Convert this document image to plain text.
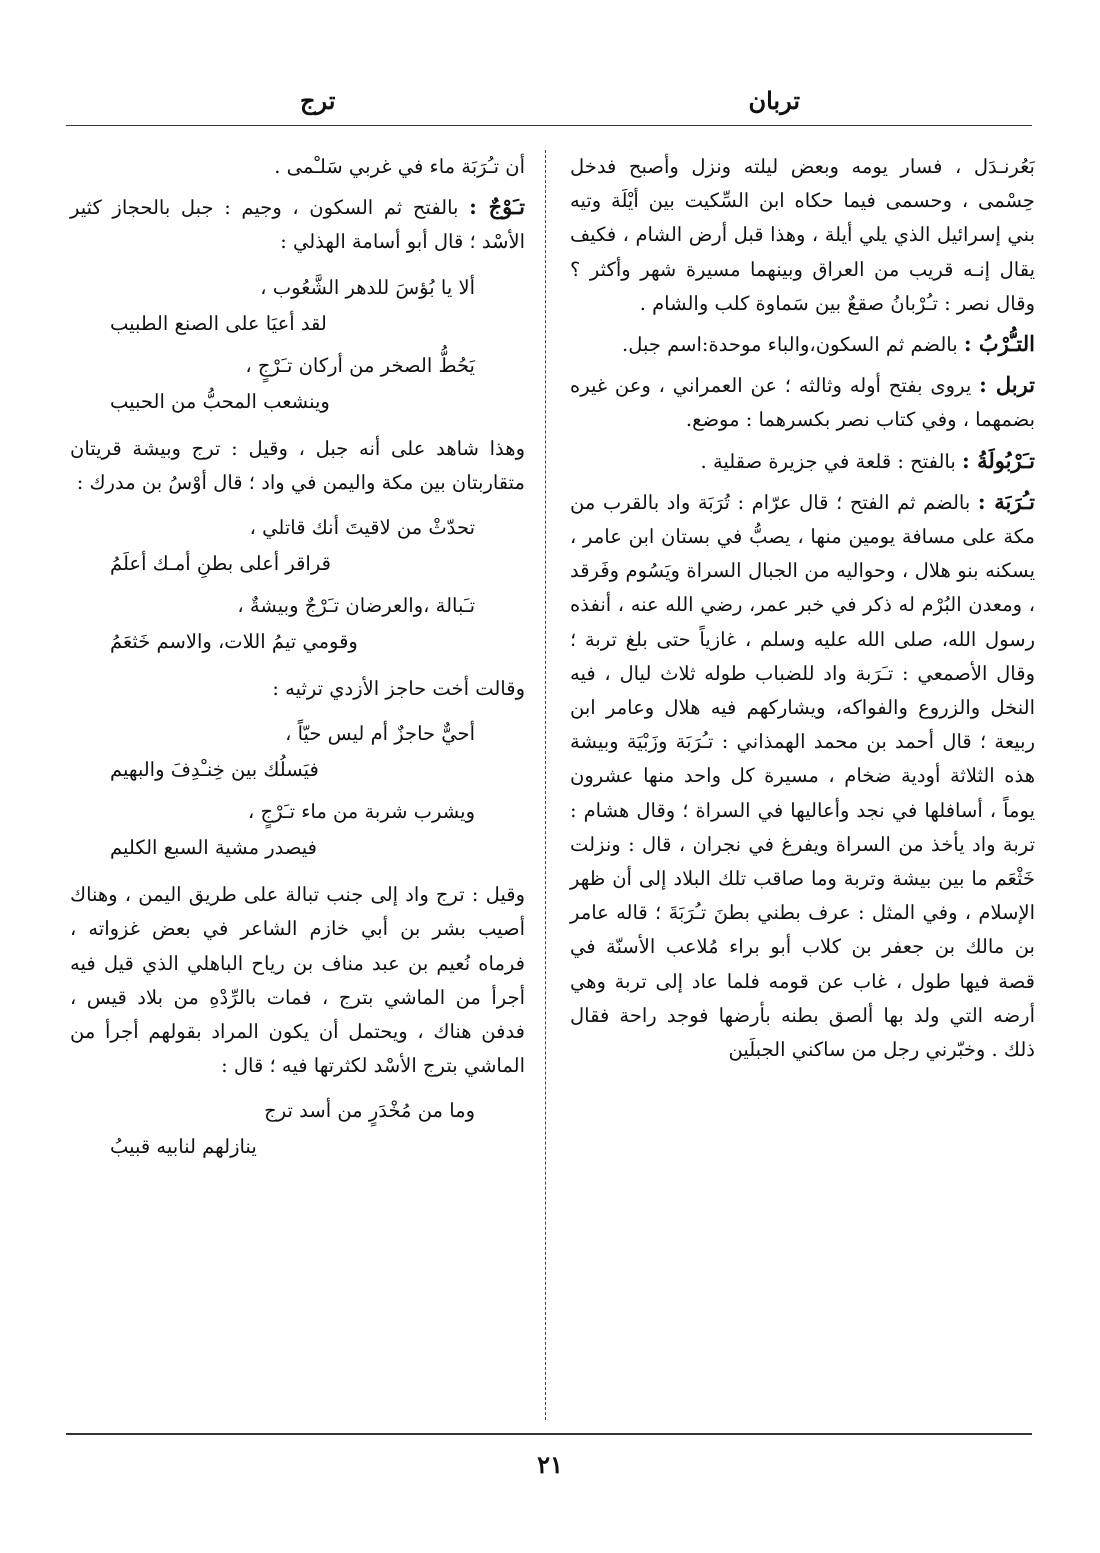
تربان
ترج

بَعُرنـدَل ، فسار يومه وبعض ليلته ونزل وأصبح فدخل حِسْمى ، وحسمى فيما حكاه ابن السِّكيت بين أيْلَة وتيه بني إسرائيل الذي يلي أيلة ، وهذا قبل أرض الشام ، فكيف يقال إنـه قريب من العراق وبينهما مسيرة شهر وأكثر ؟ وقال نصر : تـُرْبانُ صقعٌ بين سَماوة كلب والشام .

التـُّرْبُ : بالضم ثم السكون،والباء موحدة:اسم جبل.

تربل : يروى بفتح أوله وثالثه ؛ عن العمراني ، وعن غيره بضمهما ، وفي كتاب نصر بكسرهما : موضع.

تـَرْبُولَةُ : بالفتح : قلعة في جزيرة صقلية .

تـُرَبَة : بالضم ثم الفتح ؛ قال عرّام : تُرَبَة واد بالقرب من مكة على مسافة يومين منها ، يصبُّ في بستان ابن عامر ، يسكنه بنو هلال ، وحواليه من الجبال السراة ويَسُوم وفَرقد ، ومعدن البُرْم له ذكر في خبر عمر، رضي الله عنه ، أنفذه رسول الله، صلى الله عليه وسلم ، غازياً حتى بلغ تربة ؛ وقال الأصمعي : تـَرَبة واد للضباب طوله ثلاث ليال ، فيه النخل والزروع والفواكه، ويشاركهم فيه هلال وعامر ابن ربيعة ؛ قال أحمد بن محمد الهمذاني : تـُرَبَة وزَبْيَة وبيشة هذه الثلاثة أودية ضخام ، مسيرة كل واحد منها عشرون يوماً ، أسافلها في نجد وأعاليها في السراة ؛ وقال هشام : تربة واد يأخذ من السراة ويفرغ في نجران ، قال : ونزلت خَثْعَم ما بين بيشة وتربة وما صاقب تلك البلاد إلى أن ظهر الإسلام ، وفي المثل : عرف بطني بطنَ تـُرَبَةَ ؛ قاله عامر بن مالك بن جعفر بن كلاب أبو براء مُلاعب الأسنّة في قصة فيها طول ، غاب عن قومه فلما عاد إلى تربة وهي أرضه التي ولد بها ألصق بطنه بأرضها فوجد راحة فقال ذلك . وخبّرني رجل من ساكني الجبلَين

أن تـُرَبَة ماء في غربي سَلـْمى .

تـَوْجٌ : بالفتح ثم السكون ، وجيم : جبل بالحجاز كثير الأسْد ؛ قال أبو أسامة الهذلي :

ألا يا بُؤسَ للدهر الشَّعُوب ،
لقد أعيَا على الصنع الطبيب
يَحُطُّ الصخر من أركان تـَرْجٍ ،
وينشعب المحبُّ من الحبيب

وهذا شاهد على أنه جبل ، وقيل : ترج وبيشة قريتان متقاربتان بين مكة واليمن في واد ؛ قال أوْسُ بن مدرك :

تحدّثْ من لاقيتَ أنك قاتلي ،
قراقر أعلى بطنِ أمـك أعلَمُ
تـَبالة ،والعرضان تـَرْجٌ وبيشةٌ ،
وقومي تيمُ اللات، والاسم خَثعَمُ

وقالت أخت حاجز الأزدي ترثيه :

أحيٌّ حاجزٌ أم ليس حيّاً ،
فيَسلُك بين خِنـْدِفَ والبهيم
ويشرب شربة من ماء تـَرْجٍ ،
فيصدر مشية السبع الكليم

وقيل : ترج واد إلى جنب تبالة على طريق اليمن ، وهناك أصيب بشر بن أبي خازم الشاعر في بعض غزواته ، فرماه نُعيم بن عبد مناف بن رياح الباهلي الذي قيل فيه أجرأ من الماشي بترج ، فمات بالرِّدْهِ من بلاد قيس ، فدفن هناك ، ويحتمل أن يكون المراد بقولهم أجرأ من الماشي بترج الأسْد لكثرتها فيه ؛ قال :

وما من مُخْدَرٍ من أسد ترج
ينازلهم لنابيه قبيبُ
٢١
